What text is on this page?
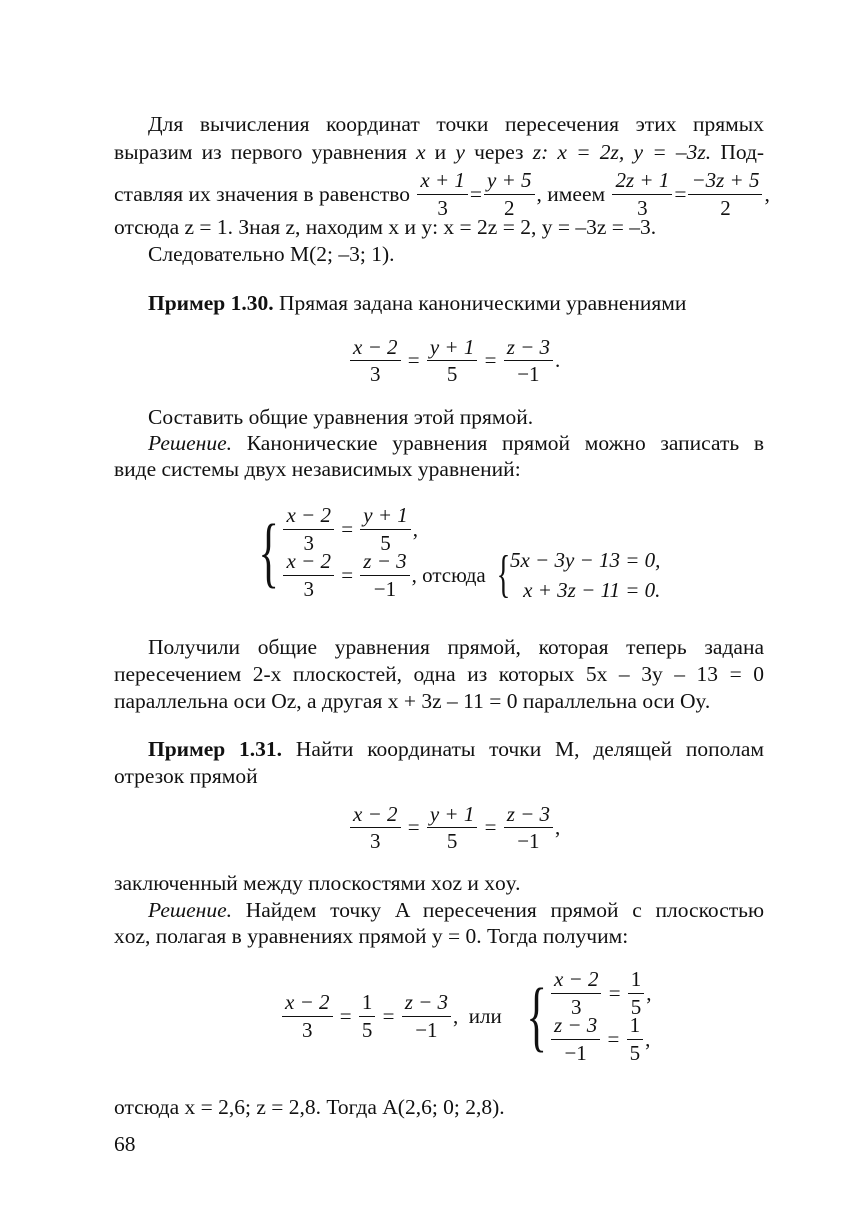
Для вычисления координат точки пересечения этих прямых
выразим из первого уравнения x и y через z: x = 2z, y = –3z. Под-
ставляя их значения в равенство
$\frac{x + 1}{3} = \frac{y + 5}{2}$ , имеем
$\frac{2z + 1}{3} = \frac{-3z + 5}{2}$ ,
отсюда z = 1. Зная z, находим x и y: x = 2z = 2, y = –3z = –3.
Следовательно M(2; –3; 1).
Пример 1.30. Прямая задана каноническими уравнениями
$\frac{x - 2}{3} = \frac{y + 1}{5} = \frac{z - 3}{-1}$ .
Составить общие уравнения этой прямой.
Решение. Канонические уравнения прямой можно записать в
виде системы двух независимых уравнений:
{ $\frac{x - 2}{3} = \frac{y + 1}{5}$ ,
$\frac{x - 2}{3} = \frac{z - 3}{-1}$ , отсюда
{ 5x − 3y − 13 = 0,
x + 3z − 11 = 0.
Получили общие уравнения прямой, которая теперь задана
пересечением 2-х плоскостей, одна из которых 5x – 3y – 13 = 0
параллельна оси Oz, а другая x + 3z – 11 = 0 параллельна оси Oy.
Пример 1.31. Найти координаты точки M, делящей пополам
отрезок прямой
$\frac{x - 2}{3} = \frac{y + 1}{5} = \frac{z - 3}{-1}$ ,
заключенный между плоскостями xoz и xoy.
Решение. Найдем точку A пересечения прямой с плоскостью
xoz, полагая в уравнениях прямой y = 0. Тогда получим:
$\frac{x - 2}{3} = \frac{1}{5} = \frac{z - 3}{-1}$ , или
{ $\frac{x - 2}{3} = \frac{1}{5}$ ,
$\frac{z - 3}{-1} = \frac{1}{5}$ ,
отсюда x = 2,6; z = 2,8. Тогда A(2,6; 0; 2,8).
68
